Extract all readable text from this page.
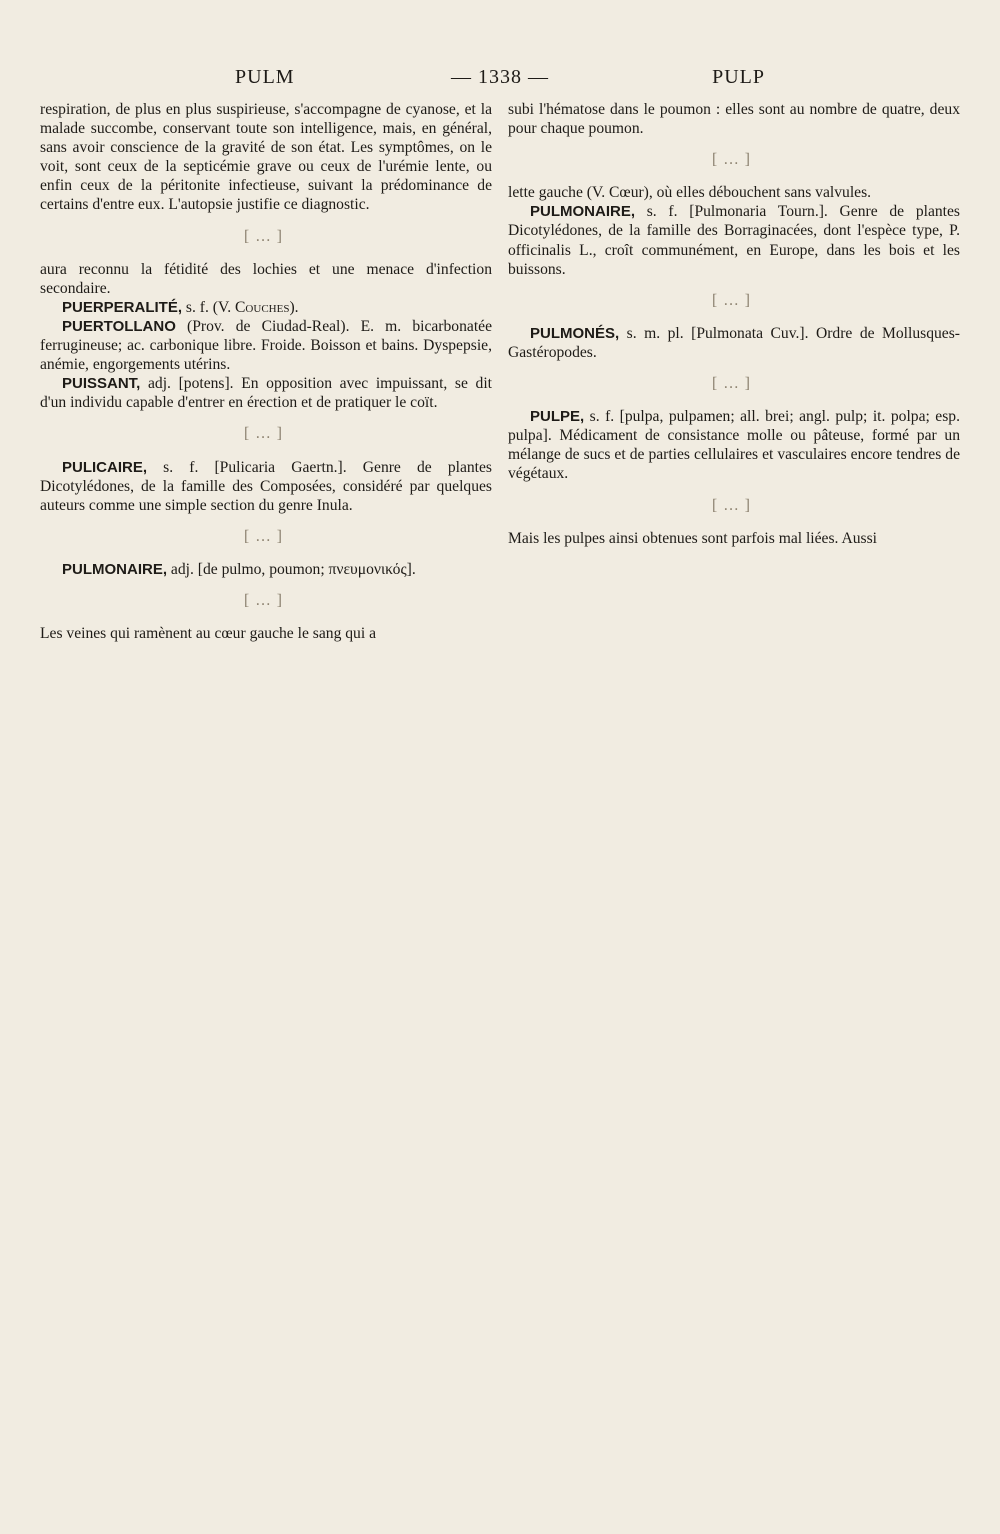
PULM	— 1338 —	PULP

respiration, de plus en plus suspirieuse, s'accompagne de cyanose, et la malade succombe, conservant toute son intelligence, mais, en général, sans avoir conscience de la gravité de son état. Les symptômes, on le voit, sont ceux de la septicémie grave ou ceux de l'urémie lente, ou enfin ceux de la péritonite infectieuse, suivant la prédominance de certains d'entre eux. L'autopsie justifie ce diagnostic.

[…]

aura reconnu la fétidité des lochies et une menace d'infection secondaire.

PUERPERALITÉ, s. f. (V. Couches).

PUERTOLLANO (Prov. de Ciudad-Real). E. m. bicarbonatée ferrugineuse; ac. carbonique libre. Froide. Boisson et bains. Dyspepsie, anémie, engorgements utérins.

PUISSANT, adj. [potens]. En opposition avec impuissant, se dit d'un individu capable d'entrer en érection et de pratiquer le coït.

[…]

PULICAIRE, s. f. [Pulicaria Gaertn.]. Genre de plantes Dicotylédones, de la famille des Composées, considéré par quelques auteurs comme une simple section du genre Inula.

[…]

PULMONAIRE, adj. [de pulmo, poumon; πνευμονικός].

[…]

Les veines qui ramènent au cœur gauche le sang qui a

subi l'hématose dans le poumon : elles sont au nombre de quatre, deux pour chaque poumon.

[…]

lette gauche (V. Cœur), où elles débouchent sans valvules.

PULMONAIRE, s. f. [Pulmonaria Tourn.]. Genre de plantes Dicotylédones, de la famille des Borraginacées, dont l'espèce type, P. officinalis L., croît communément, en Europe, dans les bois et les buissons.

[…]

PULMONÉS, s. m. pl. [Pulmonata Cuv.]. Ordre de Mollusques-Gastéropodes.

[…]

PULPE, s. f. [pulpa, pulpamen; all. brei; angl. pulp; it. polpa; esp. pulpa]. Médicament de consistance molle ou pâteuse, formé par un mélange de sucs et de parties cellulaires et vasculaires encore tendres de végétaux.

[…]

Mais les pulpes ainsi obtenues sont parfois mal liées. Aussi
